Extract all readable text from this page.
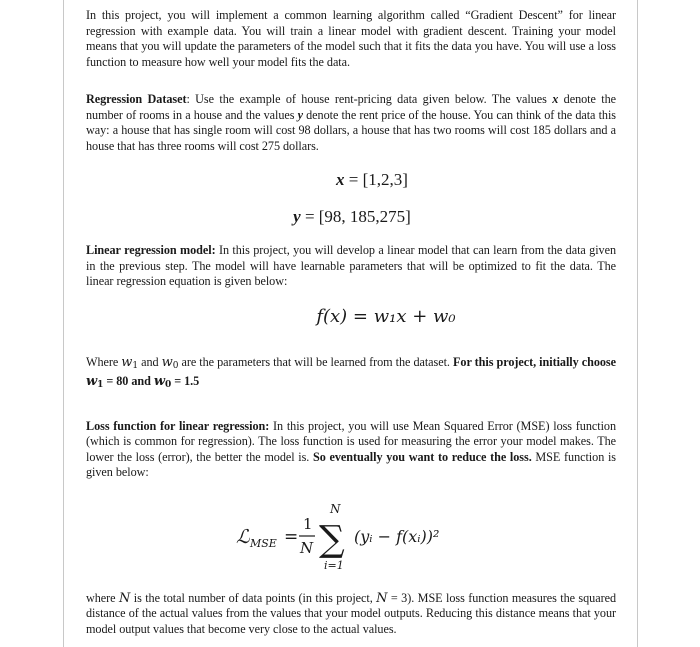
In this project, you will implement a common learning algorithm called “Gradient Descent” for linear regression with example data. You will train a linear model with gradient descent. Training your model means that you will update the parameters of the model such that it fits the data you have. You will use a loss function to measure how well your model fits the data.

Regression Dataset: Use the example of house rent-pricing data given below. The values x denote the number of rooms in a house and the values y denote the rent price of the house. You can think of the data this way: a house that has single room will cost 98 dollars, a house that has two rooms will cost 185 dollars and a house that has three rooms will cost 275 dollars.

x = [1,2,3]
y = [98, 185,275]

Linear regression model: In this project, you will develop a linear model that can learn from the data given in the previous step. The model will have learnable parameters that will be optimized to fit the data. The linear regression equation is given below:

f(x) = w₁x + w₀

Where $w_1$ and $w_0$ are the parameters that will be learned from the dataset. For this project, initially choose $w_1 = 80$ and $w_0 = 1.5$

Loss function for linear regression: In this project, you will use Mean Squared Error (MSE) loss function (which is common for regression). The loss function is used for measuring the error your model makes. The lower the loss (error), the better the model is. So eventually you want to reduce the loss. MSE function is given below:

ℒ MSE =
1
N
N
∑
i=1
(yᵢ − f(xᵢ))²

where N is the total number of data points (in this project, N = 3). MSE loss function measures the squared distance of the actual values from the values that your model outputs. Reducing this distance means that your model output values that become very close to the actual values.
